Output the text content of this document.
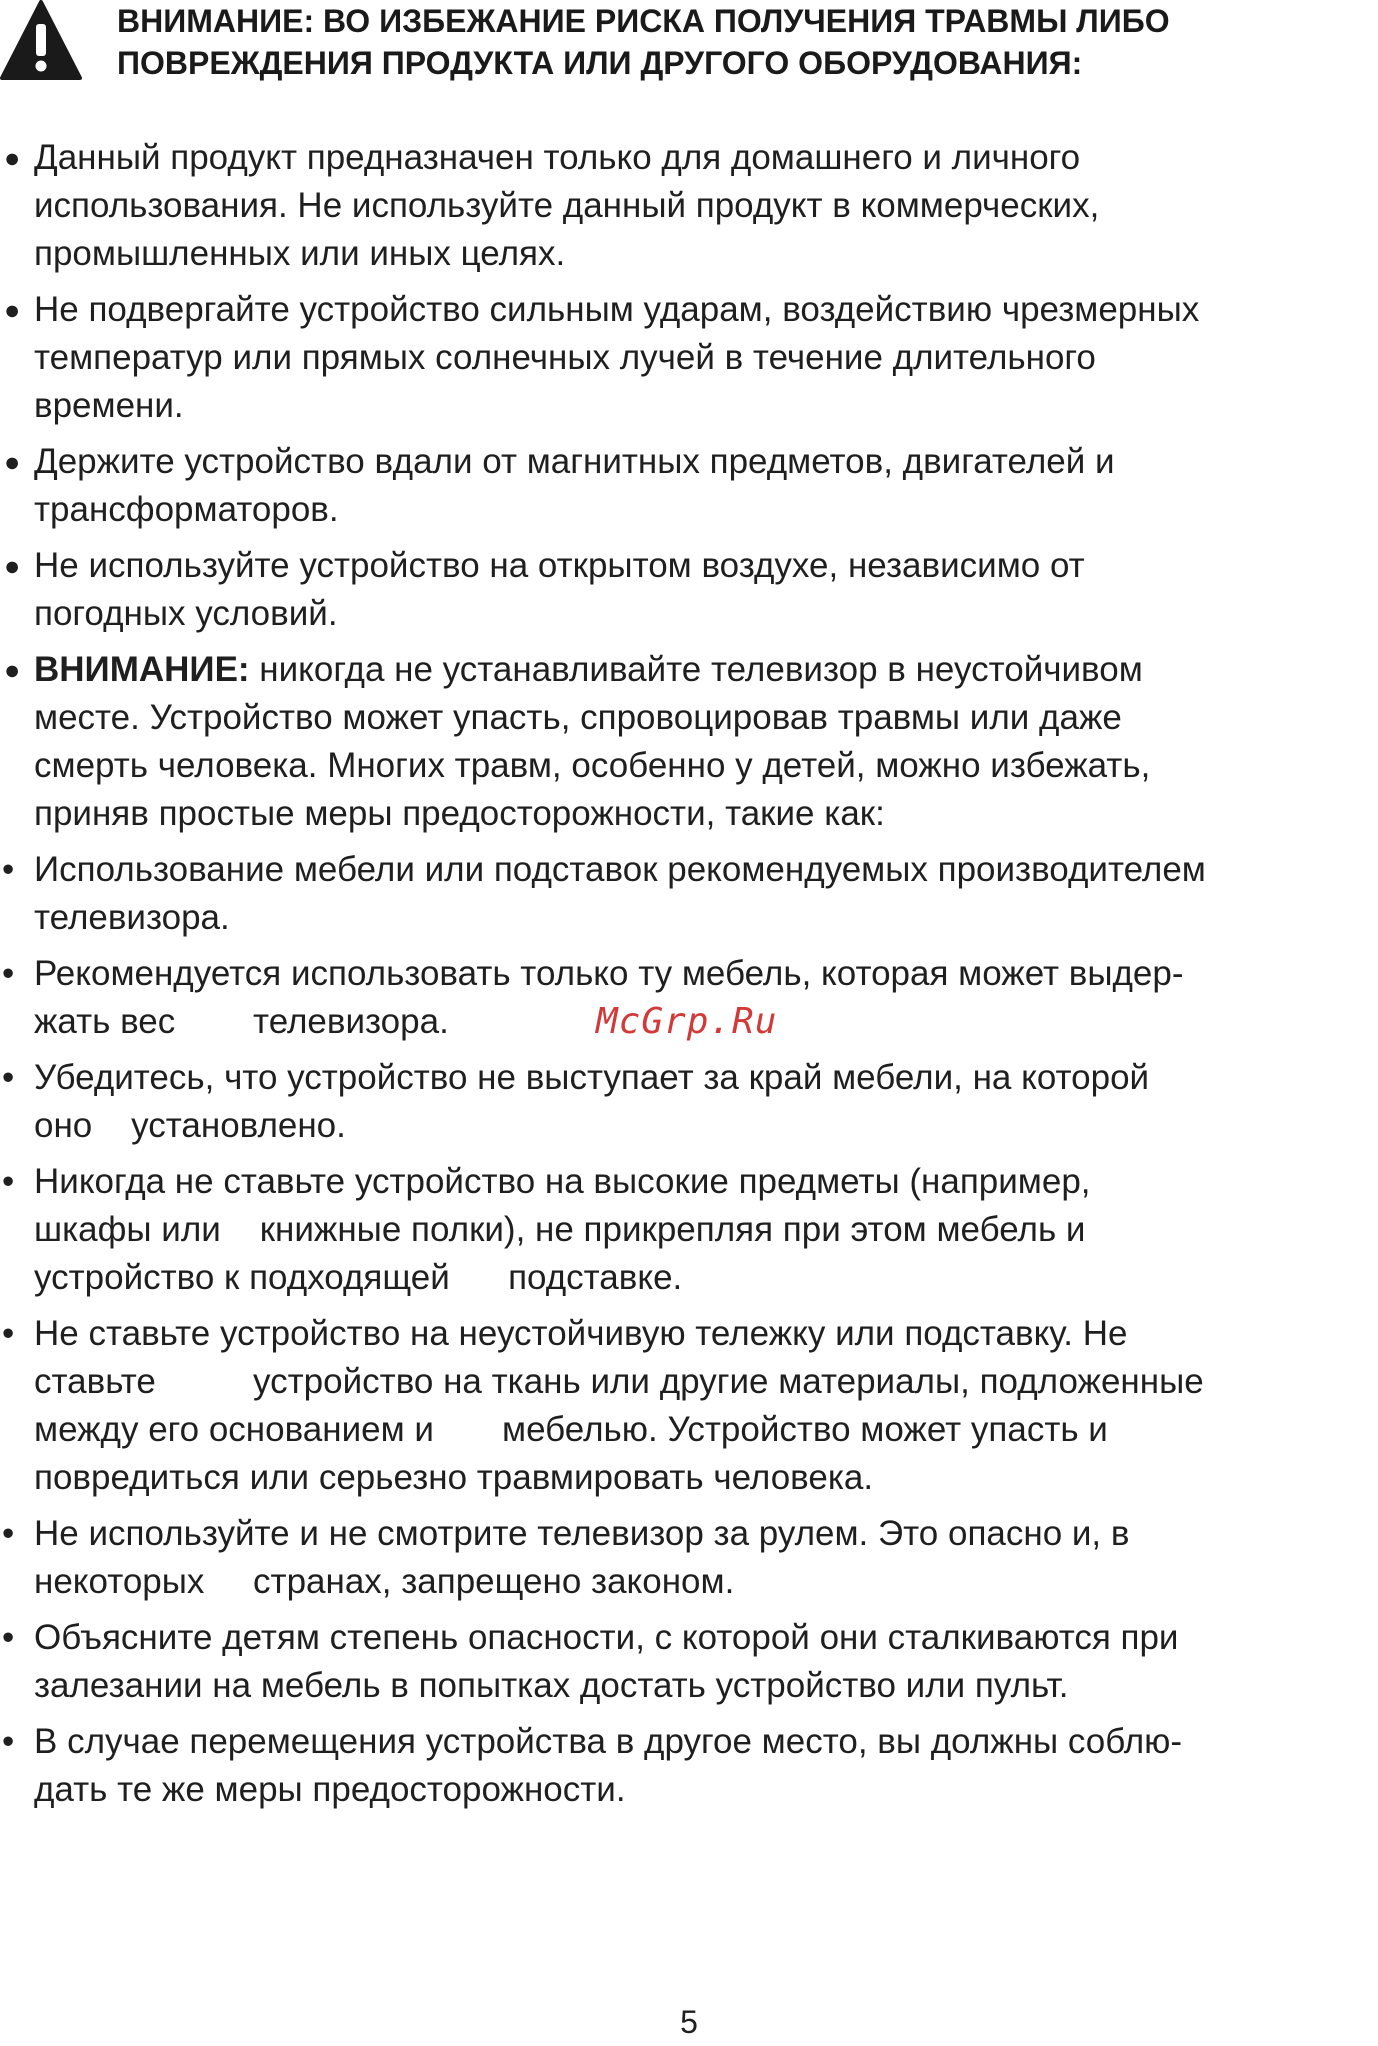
ВНИМАНИЕ: ВО ИЗБЕЖАНИЕ РИСКА ПОЛУЧЕНИЯ ТРАВМЫ ЛИБО
ПОВРЕЖДЕНИЯ ПРОДУКТА ИЛИ ДРУГОГО ОБОРУДОВАНИЯ:
● Данный продукт предназначен только для домашнего и личного
использования. Не используйте данный продукт в коммерческих,
промышленных или иных целях.
● Не подвергайте устройство сильным ударам, воздействию чрезмерных
температур или прямых солнечных лучей в течение длительного
времени.
● Держите устройство вдали от магнитных предметов, двигателей и
трансформаторов.
● Не используйте устройство на открытом воздухе, независимо от
погодных условий.
● ВНИМАНИЕ: никогда не устанавливайте телевизор в неустойчивом
месте. Устройство может упасть, спровоцировав травмы или даже
смерть человека. Многих травм, особенно у детей, можно избежать,
приняв простые меры предосторожности, такие как:
• Использование мебели или подставок рекомендуемых производителем
телевизора.
• Рекомендуется использовать только ту мебель, которая может выдер-
жать вес        телевизора.
• Убедитесь, что устройство не выступает за край мебели, на которой
оно    установлено.
• Никогда не ставьте устройство на высокие предметы (например,
шкафы или    книжные полки), не прикрепляя при этом мебель и
устройство к подходящей      подставке.
• Не ставьте устройство на неустойчивую тележку или подставку. Не
ставьте          устройство на ткань или другие материалы, подложенные
между его основанием и       мебелью. Устройство может упасть и
повредиться или серьезно травмировать человека.
• Не используйте и не смотрите телевизор за рулем. Это опасно и, в
некоторых     странах, запрещено законом.
• Объясните детям степень опасности, с которой они сталкиваются при
залезании на мебель в попытках достать устройство или пульт.
• В случае перемещения устройства в другое место, вы должны соблю-
дать те же меры предосторожности.
McGrp.Ru
5
